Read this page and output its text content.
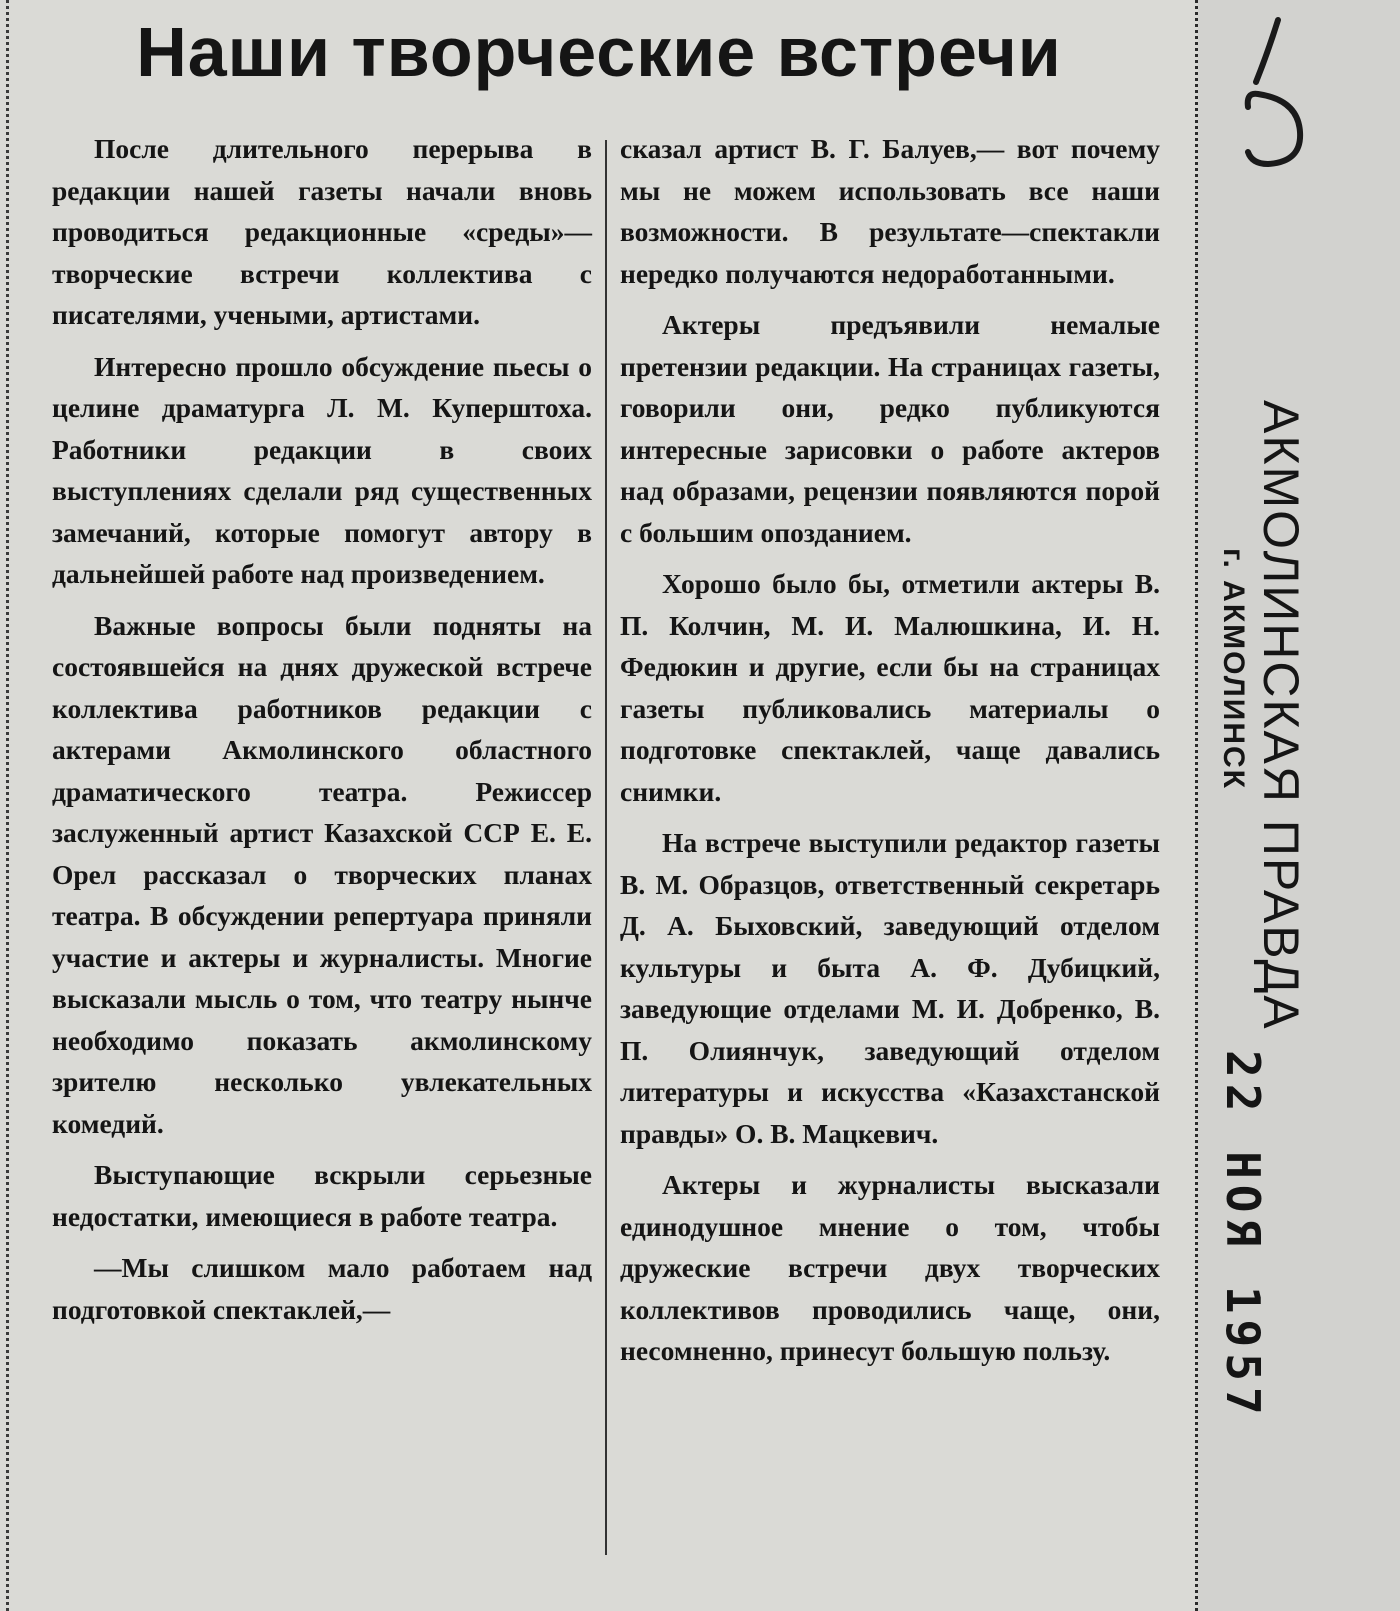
Наши творческие встречи

После длительного перерыва в редакции нашей газеты начали вновь проводиться редакционные «среды»— творческие встречи коллектива с писателями, учеными, артистами.

Интересно прошло обсуждение пьесы о целине драматурга Л. М. Куперштоха. Работники редакции в своих выступлениях сделали ряд существенных замечаний, которые помогут автору в дальнейшей работе над произведением.

Важные вопросы были подняты на состоявшейся на днях дружеской встрече коллектива работников редакции с актерами Акмолинского областного драматического театра. Режиссер заслуженный артист Казахской ССР Е. Е. Орел рассказал о творческих планах театра. В обсуждении репертуара приняли участие и актеры и журналисты. Многие высказали мысль о том, что театру нынче необходимо показать акмолинскому зрителю несколько увлекательных комедий.

Выступающие вскрыли серьезные недостатки, имеющиеся в работе театра.

—Мы слишком мало работаем над подготовкой спектаклей,—

сказал артист В. Г. Балуев,— вот почему мы не можем использовать все наши возможности. В результате—спектакли нередко получаются недоработанными.

Актеры предъявили немалые претензии редакции. На страницах газеты, говорили они, редко публикуются интересные зарисовки о работе актеров над образами, рецензии появляются порой с большим опозданием.

Хорошо было бы, отметили актеры В. П. Колчин, М. И. Малюшкина, И. Н. Федюкин и другие, если бы на страницах газеты публиковались материалы о подготовке спектаклей, чаще давались снимки.

На встрече выступили редактор газеты В. М. Образцов, ответственный секретарь Д. А. Быховский, заведующий отделом культуры и быта А. Ф. Дубицкий, заведующие отделами М. И. Добренко, В. П. Олиянчук, заведующий отделом литературы и искусства «Казахстанской правды» О. В. Мацкевич.

Актеры и журналисты высказали единодушное мнение о том, чтобы дружеские встречи двух творческих коллективов проводились чаще, они, несомненно, принесут большую пользу.

АКМОЛИНСКАЯ ПРАВДА
г. АКМОЛИНСК
22 НОЯ 1957
